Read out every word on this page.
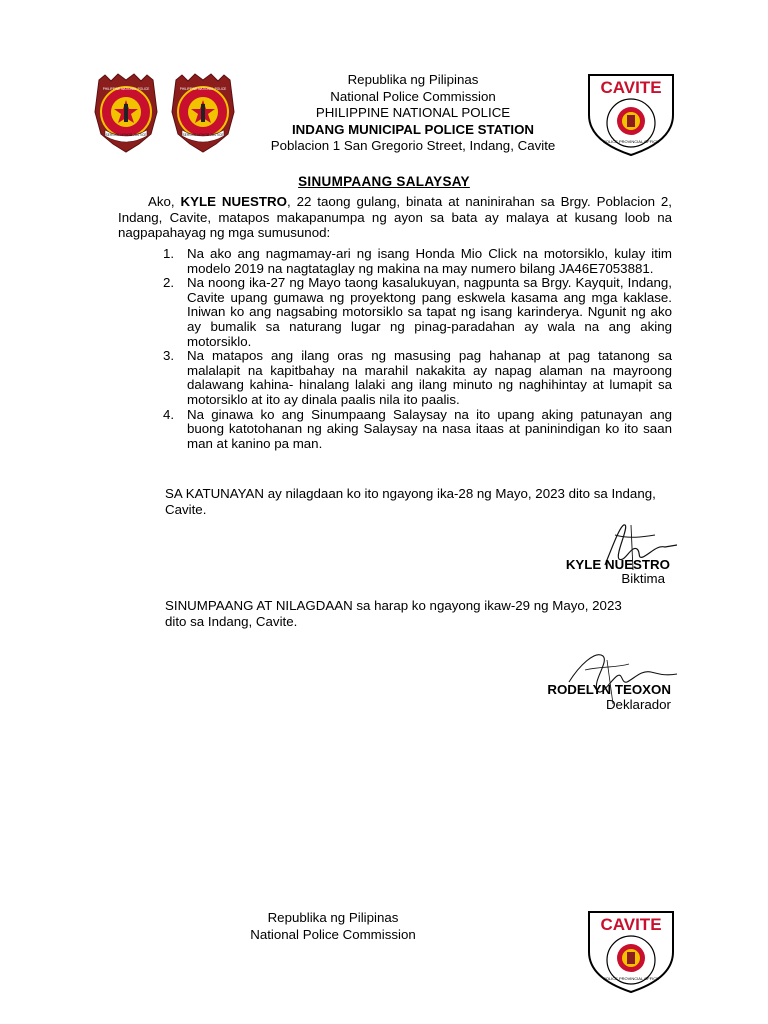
SERVICE HONOR JUSTICE
PHILIPPINE NATIONAL POLICE
SERVICE HONOR JUSTICE
PHILIPPINE NATIONAL POLICE
Republika ng Pilipinas
National Police Commission
PHILIPPINE NATIONAL POLICE
INDANG MUNICIPAL POLICE STATION
Poblacion 1 San Gregorio Street, Indang, Cavite
CAVITE
POLICE PROVINCIAL OFFICE
SINUMPAANG SALAYSAY
Ako, KYLE NUESTRO, 22 taong gulang, binata at naninirahan sa Brgy. Poblacion 2, Indang, Cavite, matapos makapanumpa ng ayon sa bata ay malaya at kusang loob na nagpapahayag ng mga sumusunod:
1. Na ako ang nagmamay-ari ng isang Honda Mio Click na motorsiklo, kulay itim modelo 2019 na nagtataglay ng makina na may numero bilang JA46E7053881.
2. Na noong ika-27 ng Mayo taong kasalukuyan, nagpunta sa Brgy. Kayquit, Indang, Cavite upang gumawa ng proyektong pang eskwela kasama ang mga kaklase. Iniwan ko ang nagsabing motorsiklo sa tapat ng isang karinderya. Ngunit ng ako ay bumalik sa naturang lugar ng pinag-paradahan ay wala na ang aking motorsiklo.
3. Na matapos ang ilang oras ng masusing pag hahanap at pag tatanong sa malalapit na kapitbahay na marahil nakakita ay napag alaman na mayroong dalawang kahina- hinalang lalaki ang ilang minuto ng naghihintay at lumapit sa motorsiklo at ito ay dinala paalis nila ito paalis.
4. Na ginawa ko ang Sinumpaang Salaysay na ito upang aking patunayan ang buong katotohanan ng aking Salaysay na nasa itaas at paninindigan ko ito saan man at kanino pa man.
SA KATUNAYAN ay nilagdaan ko ito ngayong ika-28 ng Mayo, 2023 dito sa Indang, Cavite.
KYLE NUESTRO
Biktima
SINUMPAANG AT NILAGDAAN sa harap ko ngayong ikaw-29 ng Mayo, 2023 dito sa Indang, Cavite.
RODELYN TEOXON
Deklarador
Republika ng Pilipinas
National Police Commission	CAVITE
POLICE PROVINCIAL OFFICE
